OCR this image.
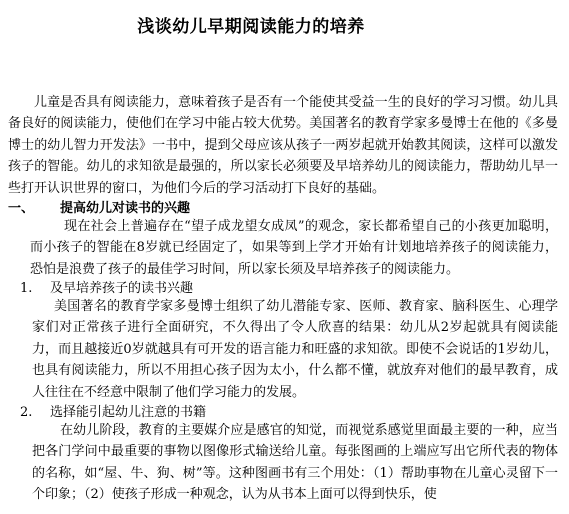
浅谈幼儿早期阅读能力的培养

儿童是否具有阅读能力，意味着孩子是否有一个能使其受益一生的良好的学习习惯。幼儿具备良好的阅读能力，使他们在学习中能占较大优势。美国著名的教育学家多曼博士在他的《多曼博士的幼儿智力开发法》一书中，提到父母应该从孩子一两岁起就开始教其阅读，这样可以激发孩子的智能。幼儿的求知欲是最强的，所以家长必须要及早培养幼儿的阅读能力，帮助幼儿早一些打开认识世界的窗口，为他们今后的学习活动打下良好的基础。

一、 提高幼儿对读书的兴趣

现在社会上普遍存在“望子成龙望女成凤”的观念，家长都希望自己的小孩更加聪明，而小孩子的智能在8岁就已经固定了，如果等到上学才开始有计划地培养孩子的阅读能力，恐怕是浪费了孩子的最佳学习时间，所以家长须及早培养孩子的阅读能力。

1. 及早培养孩子的读书兴趣

美国著名的教育学家多曼博士组织了幼儿潜能专家、医师、教育家、脑科医生、心理学家们对正常孩子进行全面研究，不久得出了令人欣喜的结果：幼儿从2岁起就具有阅读能力，而且越接近0岁就越具有可开发的语言能力和旺盛的求知欲。即使不会说话的1岁幼儿，也具有阅读能力，所以不用担心孩子因为太小，什么都不懂，就放弃对他们的最早教育，成人往往在不经意中限制了他们学习能力的发展。

2. 选择能引起幼儿注意的书籍

在幼儿阶段，教育的主要媒介应是感官的知觉，而视觉系感觉里面最主要的一种，应当把各门学问中最重要的事物以图像形式输送给儿童。每张图画的上端应写出它所代表的物体的名称，如“屋、牛、狗、树”等。这种图画书有三个用处：（1）帮助事物在儿童心灵留下一个印象；（2）使孩子形成一种观念，认为从书本上面可以得到快乐，使
